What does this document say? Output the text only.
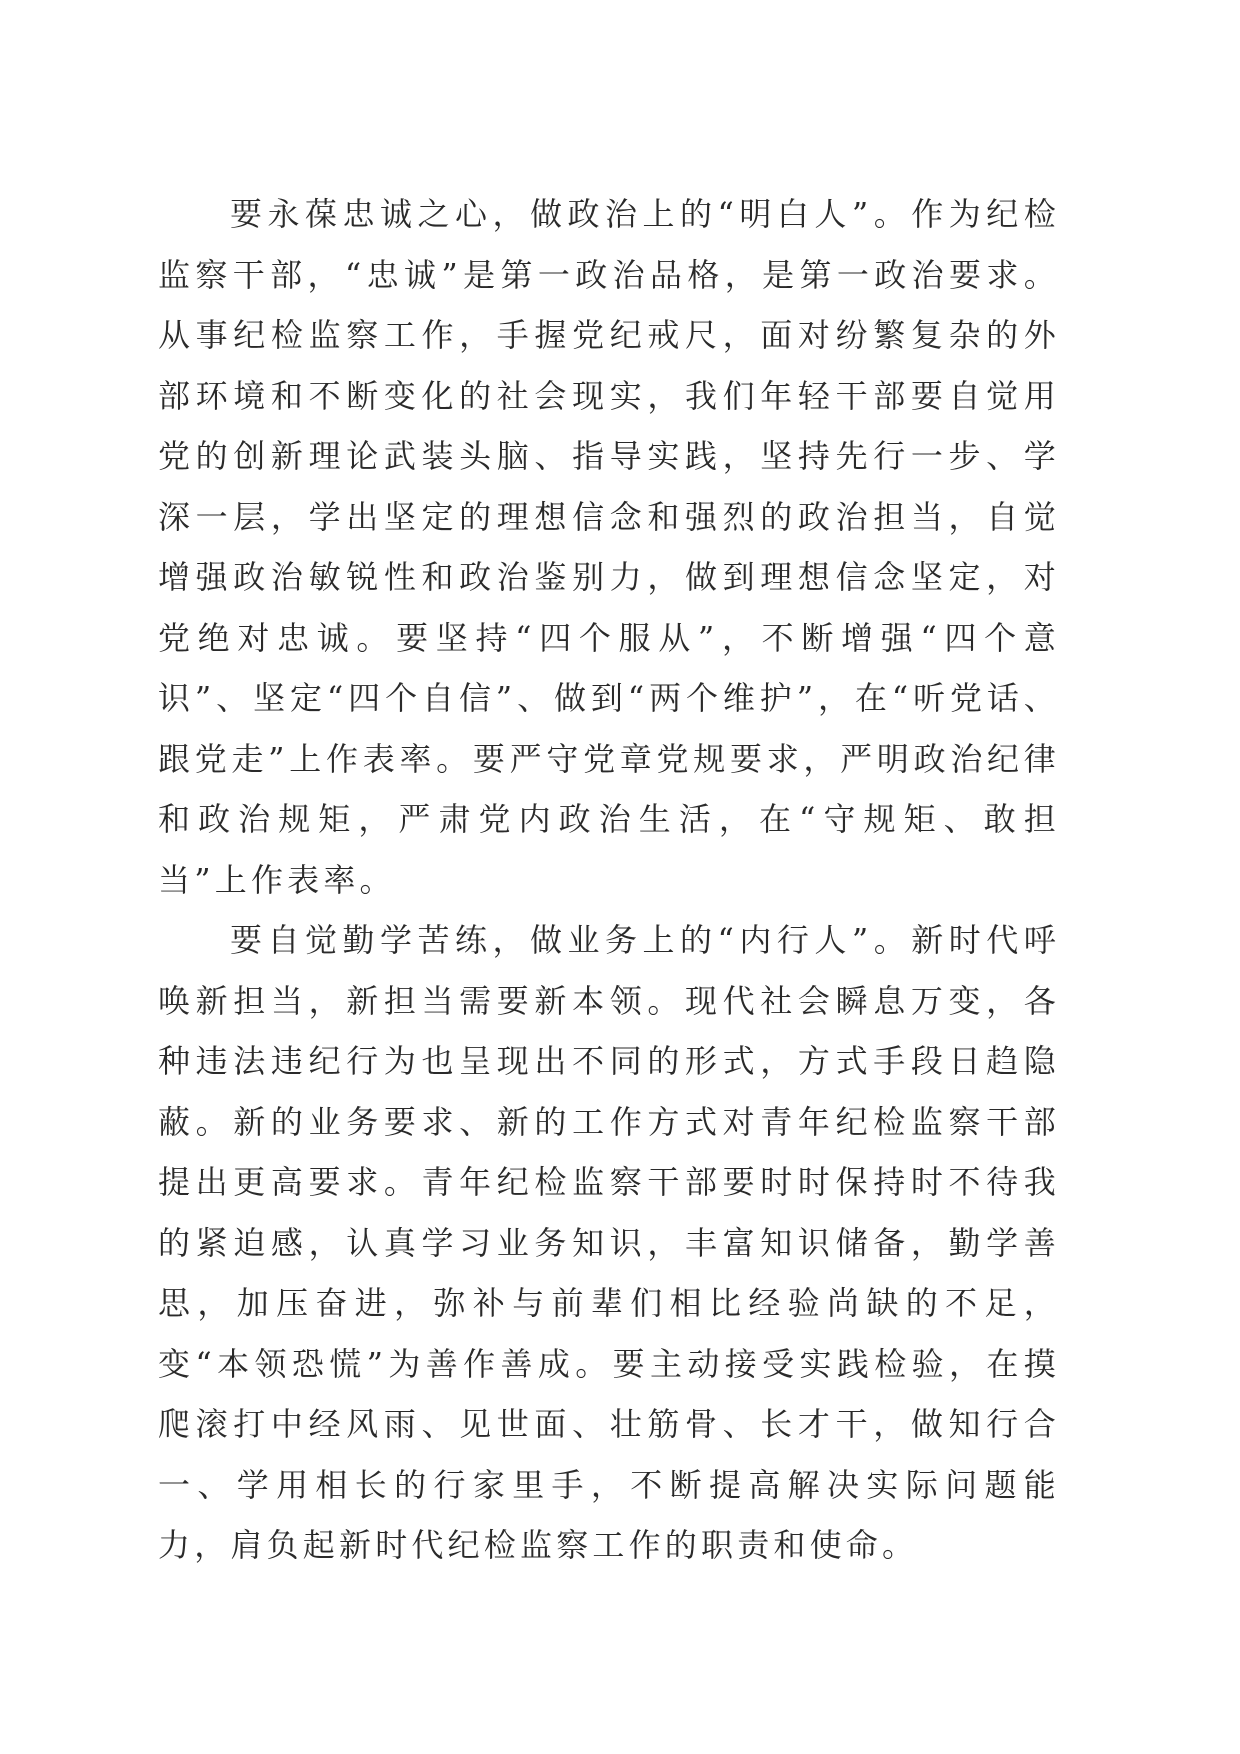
要永葆忠诚之心，做政治上的“明白人”。作为纪检监察干部，“忠诚”是第一政治品格，是第一政治要求。从事纪检监察工作，手握党纪戒尺，面对纷繁复杂的外部环境和不断变化的社会现实，我们年轻干部要自觉用党的创新理论武装头脑、指导实践，坚持先行一步、学深一层，学出坚定的理想信念和强烈的政治担当，自觉增强政治敏锐性和政治鉴别力，做到理想信念坚定，对党绝对忠诚。要坚持“四个服从”，不断增强“四个意识”、坚定“四个自信”、做到“两个维护”，在“听党话、跟党走”上作表率。要严守党章党规要求，严明政治纪律和政治规矩，严肃党内政治生活，在“守规矩、敢担当”上作表率。

要自觉勤学苦练，做业务上的“内行人”。新时代呼唤新担当，新担当需要新本领。现代社会瞬息万变，各种违法违纪行为也呈现出不同的形式，方式手段日趋隐蔽。新的业务要求、新的工作方式对青年纪检监察干部提出更高要求。青年纪检监察干部要时时保持时不待我的紧迫感，认真学习业务知识，丰富知识储备，勤学善思，加压奋进，弥补与前辈们相比经验尚缺的不足，变“本领恐慌”为善作善成。要主动接受实践检验，在摸爬滚打中经风雨、见世面、壮筋骨、长才干，做知行合一、学用相长的行家里手，不断提高解决实际问题能力，肩负起新时代纪检监察工作的职责和使命。
